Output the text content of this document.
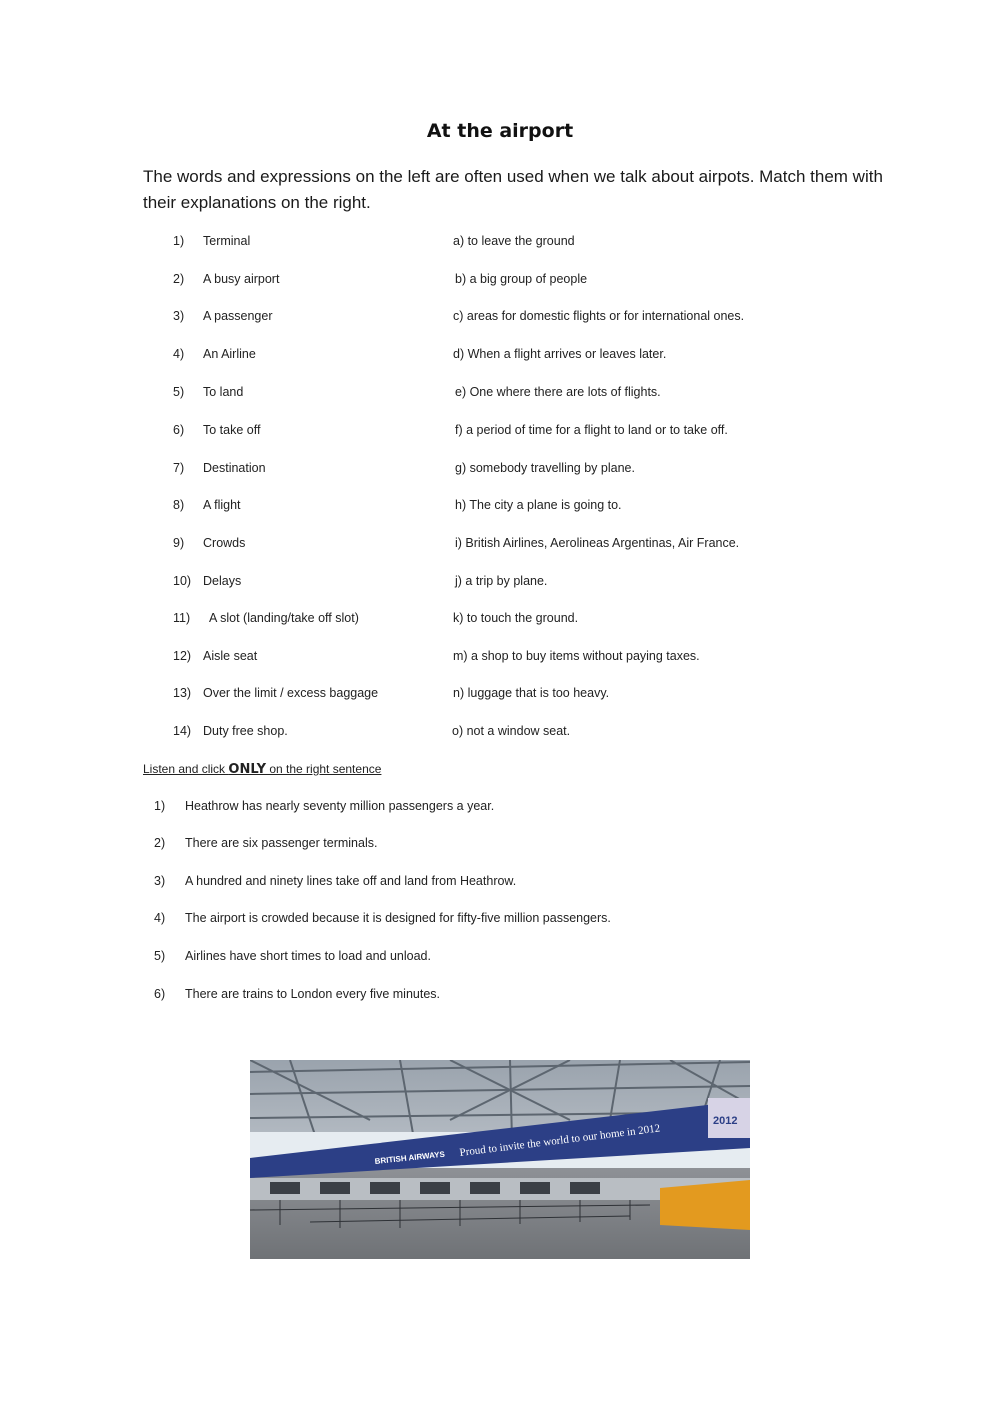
At the airport
The words and expressions on the left are often used when we talk about airpots. Match them with their explanations on the right.
1) Terminal	a) to leave the ground
2) A busy airport	b) a big group of people
3) A passenger	c) areas for domestic flights or for international ones.
4) An Airline	d) When a flight arrives or leaves later.
5) To land	e) One where there are lots of flights.
6) To take off	f) a period of time for a flight to land or to take off.
7) Destination	g) somebody travelling by plane.
8) A flight	h) The city a plane is going to.
9) Crowds	i) British Airlines, Aerolineas Argentinas, Air France.
10) Delays	j) a trip by plane.
11) A slot (landing/take off slot)	k) to touch the ground.
12) Aisle seat	m) a shop to buy items without paying taxes.
13) Over the limit / excess baggage	n) luggage that is too heavy.
14) Duty free shop.	o) not a window seat.
Listen and click ONLY on the right sentence
1) Heathrow has nearly seventy million passengers a year.
2) There are six passenger terminals.
3) A hundred and ninety lines take off and land from Heathrow.
4) The airport is crowded because it is designed for fifty-five million passengers.
5) Airlines have short times to load and unload.
6) There are trains to London every five minutes.
BRITISH AIRWAYS Proud to invite the world to our home in 2012
2012
